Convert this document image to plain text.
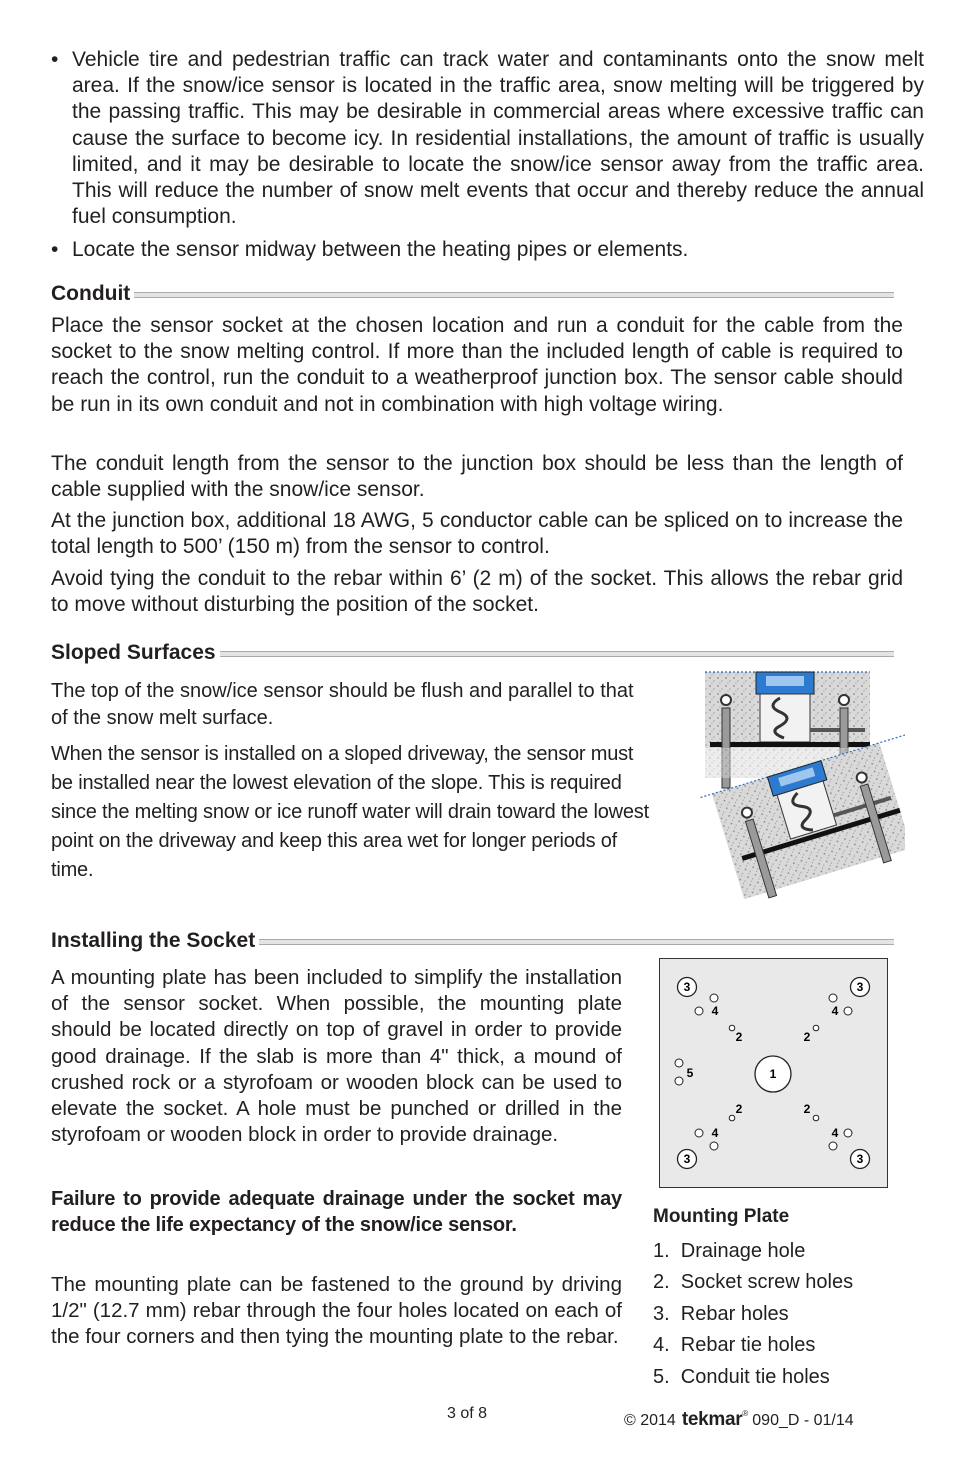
• Vehicle tire and pedestrian traffic can track water and contaminants onto the snow melt area. If the snow/ice sensor is located in the traffic area, snow melting will be triggered by the passing traffic. This may be desirable in commercial areas where excessive traffic can cause the surface to become icy. In residential installations, the amount of traffic is usually limited, and it may be desirable to locate the snow/ice sensor away from the traffic area. This will reduce the number of snow melt events that occur and thereby reduce the annual fuel consumption.

• Locate the sensor midway between the heating pipes or elements.

Conduit

Place the sensor socket at the chosen location and run a conduit for the cable from the socket to the snow melting control. If more than the included length of cable is required to reach the control, run the conduit to a weatherproof junction box. The sensor cable should be run in its own conduit and not in combination with high voltage wiring.

The conduit length from the sensor to the junction box should be less than the length of cable supplied with the snow/ice sensor.

At the junction box, additional 18 AWG, 5 conductor cable can be spliced on to increase the total length to 500’ (150 m) from the sensor to control.

Avoid tying the conduit to the rebar within 6’ (2 m) of the socket. This allows the rebar grid to move without disturbing the position of the socket.

Sloped Surfaces

The top of the snow/ice sensor should be flush and parallel to that of the snow melt surface.

When the sensor is installed on a sloped driveway, the sensor must be installed near the lowest elevation of the slope. This is required since the melting snow or ice runoff water will drain toward the lowest point on the driveway and keep this area wet for longer periods of time.

Installing the Socket

A mounting plate has been included to simplify the installation of the sensor socket. When possible, the mounting plate should be located directly on top of gravel in order to provide good drainage. If the slab is more than 4" thick, a mound of crushed rock or a styrofoam or wooden block can be used to elevate the socket. A hole must be punched or drilled in the styrofoam or wooden block in order to provide drainage.

Failure to provide adequate drainage under the socket may reduce the life expectancy of the snow/ice sensor.

The mounting plate can be fastened to the ground by driving 1/2" (12.7 mm) rebar through the four holes located on each of the four corners and then tying the mounting plate to the rebar.

1
3	3
3	3
4	4
4	4
2	2
2	2
5
Mounting Plate
1.  Drainage hole
2.  Socket screw holes
3.  Rebar holes
4.  Rebar tie holes
5.  Conduit tie holes
3 of 8	© 2014 tekmar ® 090_D - 01/14
